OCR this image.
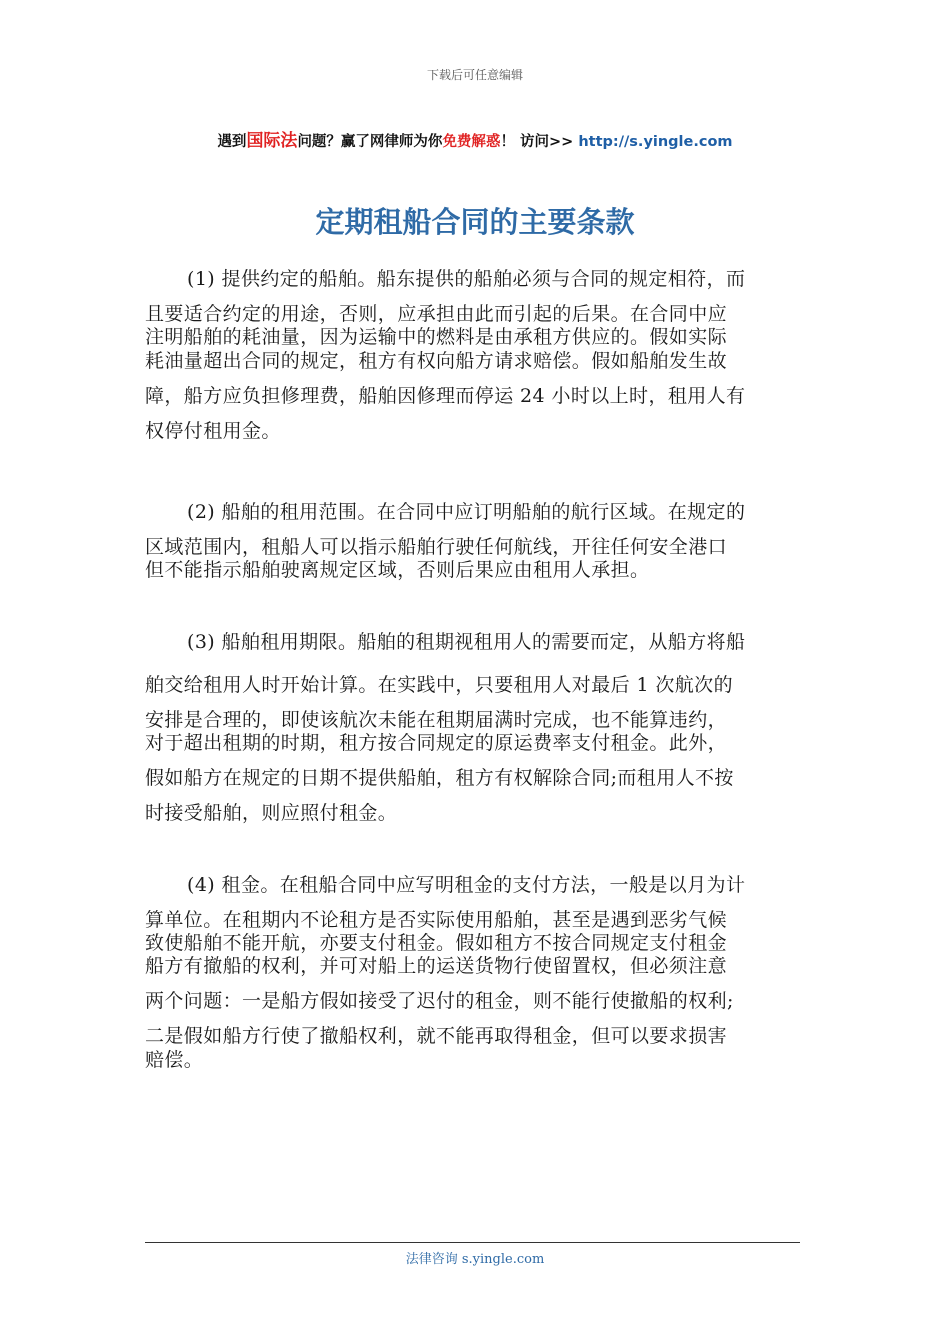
下载后可任意编辑
遇到国际法问题？赢了网律师为你免费解惑！ 访问>> http://s.yingle.com
定期租船合同的主要条款

(1) 提供约定的船舶。船东提供的船舶必须与合同的规定相符，而
且要适合约定的用途，否则，应承担由此而引起的后果。在合同中应
注明船舶的耗油量，因为运输中的燃料是由承租方供应的。假如实际
耗油量超出合同的规定，租方有权向船方请求赔偿。假如船舶发生故
障，船方应负担修理费，船舶因修理而停运 24 小时以上时，租用人有
权停付租用金。

(2) 船舶的租用范围。在合同中应订明船舶的航行区域。在规定的
区域范围内，租船人可以指示船舶行驶任何航线，开往任何安全港口
但不能指示船舶驶离规定区域，否则后果应由租用人承担。

(3) 船舶租用期限。船舶的租期视租用人的需要而定，从船方将船
舶交给租用人时开始计算。在实践中，只要租用人对最后 1 次航次的
安排是合理的，即使该航次未能在租期届满时完成，也不能算违约，
对于超出租期的时期，租方按合同规定的原运费率支付租金。此外，
假如船方在规定的日期不提供船舶，租方有权解除合同;而租用人不按
时接受船舶，则应照付租金。

(4) 租金。在租船合同中应写明租金的支付方法，一般是以月为计
算单位。在租期内不论租方是否实际使用船舶，甚至是遇到恶劣气候
致使船舶不能开航，亦要支付租金。假如租方不按合同规定支付租金
船方有撤船的权利，并可对船上的运送货物行使留置权，但必须注意
两个问题：一是船方假如接受了迟付的租金，则不能行使撤船的权利;
二是假如船方行使了撤船权利，就不能再取得租金，但可以要求损害
赔偿。

法律咨询 s.yingle.com
